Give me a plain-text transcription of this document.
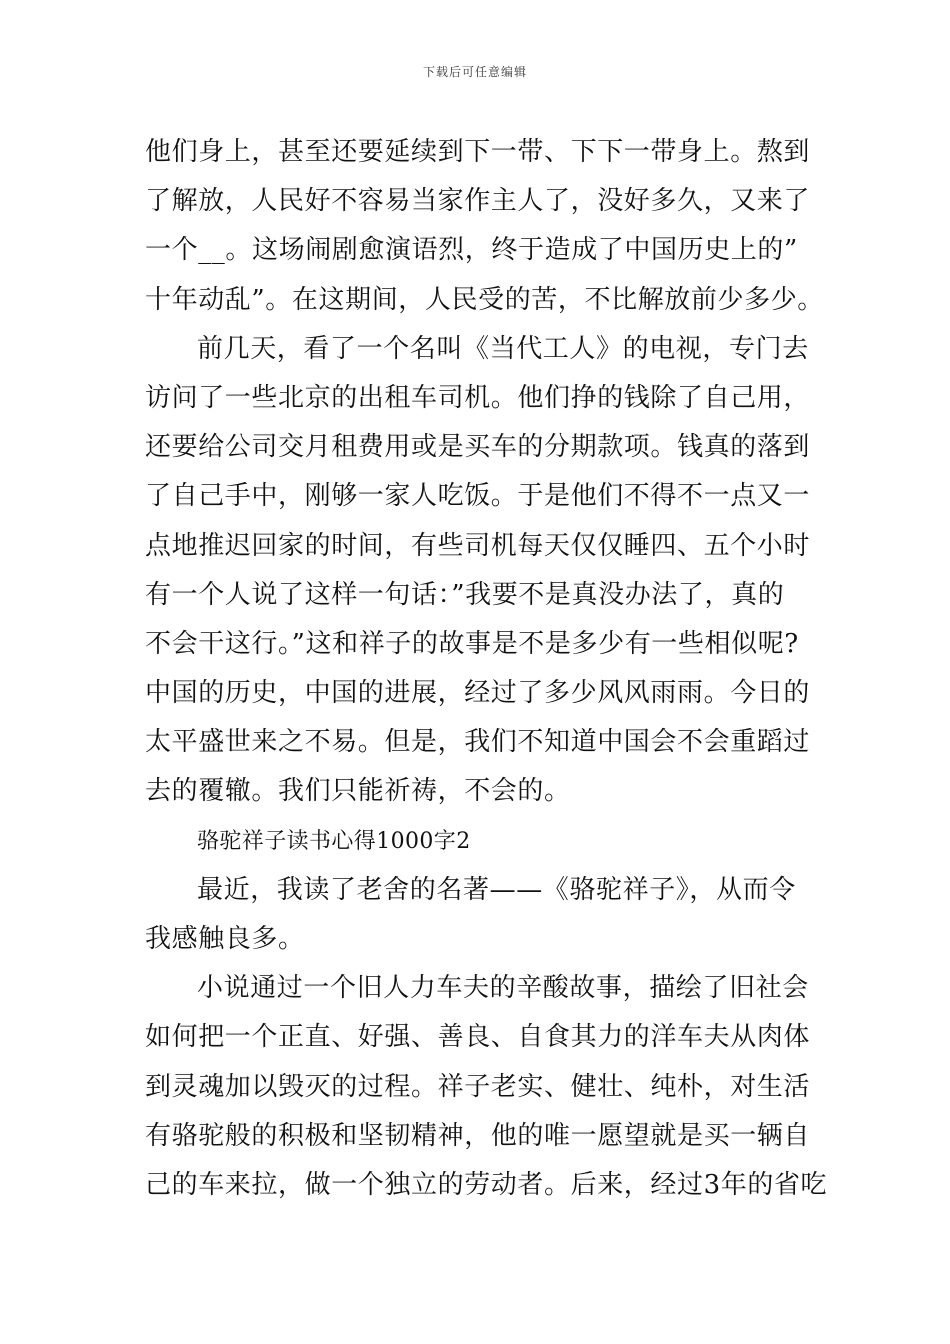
下载后可任意编辑
他们身上，甚至还要延续到下一带、下下一带身上。熬到
了解放，人民好不容易当家作主人了，没好多久，又来了
一个__。这场闹剧愈演语烈，终于造成了中国历史上的”
十年动乱”。在这期间，人民受的苦，不比解放前少多少。
前几天，看了一个名叫《当代工人》的电视，专门去
访问了一些北京的出租车司机。他们挣的钱除了自己用，
还要给公司交月租费用或是买车的分期款项。钱真的落到
了自己手中，刚够一家人吃饭。于是他们不得不一点又一
点地推迟回家的时间，有些司机每天仅仅睡四、五个小时
有一个人说了这样一句话：”我要不是真没办法了，真的
不会干这行。”这和祥子的故事是不是多少有一些相似呢?
中国的历史，中国的进展，经过了多少风风雨雨。今日的
太平盛世来之不易。但是，我们不知道中国会不会重蹈过
去的覆辙。我们只能祈祷，不会的。
骆驼祥子读书心得1000字2
最近，我读了老舍的名著——《骆驼祥子》，从而令
我感触良多。
小说通过一个旧人力车夫的辛酸故事，描绘了旧社会
如何把一个正直、好强、善良、自食其力的洋车夫从肉体
到灵魂加以毁灭的过程。祥子老实、健壮、纯朴，对生活
有骆驼般的积极和坚韧精神，他的唯一愿望就是买一辆自
己的车来拉，做一个独立的劳动者。后来，经过3年的省吃
